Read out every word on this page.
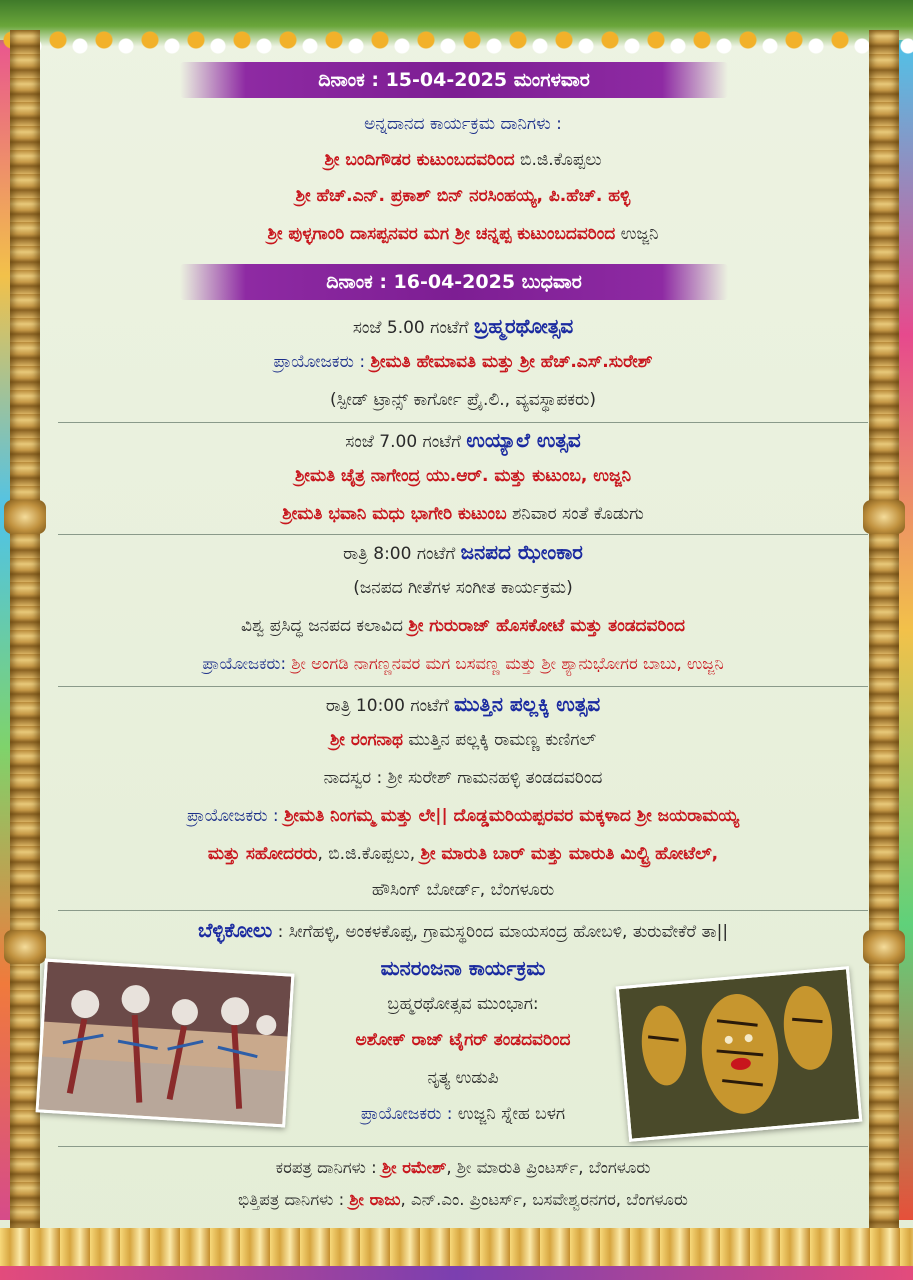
ದಿನಾಂಕ : 15-04-2025 ಮಂಗಳವಾರ
ಅನ್ನದಾನದ ಕಾರ್ಯಕ್ರಮ ದಾನಿಗಳು :
ಶ್ರೀ ಬಂದಿಗೌಡರ ಕುಟುಂಬದವರಿಂದ ಬಿ.ಜಿ.ಕೊಪ್ಪಲು
ಶ್ರೀ ಹೆಚ್.ಎನ್. ಪ್ರಕಾಶ್ ಬಿನ್ ನರಸಿಂಹಯ್ಯ, ಪಿ.ಹೆಚ್. ಹಳ್ಳಿ
ಶ್ರೀ ಪುಳ್ಳಗಾಂರಿ ದಾಸಪ್ಪನವರ ಮಗ ಶ್ರೀ ಚನ್ನಪ್ಪ ಕುಟುಂಬದವರಿಂದ ಉಜ್ಜನಿ
ದಿನಾಂಕ : 16-04-2025 ಬುಧವಾರ
ಸಂಜೆ 5.00 ಗಂಟೆಗೆ ಬ್ರಹ್ಮರಥೋತ್ಸವ
ಪ್ರಾಯೋಜಕರು : ಶ್ರೀಮತಿ ಹೇಮಾವತಿ ಮತ್ತು ಶ್ರೀ ಹೆಚ್.ಎಸ್.ಸುರೇಶ್
(ಸ್ಪೀಡ್ ಟ್ರಾನ್ಸ್ ಕಾರ್ಗೋ ಪ್ರೈ.ಲಿ., ವ್ಯವಸ್ಥಾಪಕರು)
ಸಂಜೆ 7.00 ಗಂಟೆಗೆ ಉಯ್ಯಾಲೆ ಉತ್ಸವ
ಶ್ರೀಮತಿ ಚೈತ್ರ ನಾಗೇಂದ್ರ ಯು.ಆರ್. ಮತ್ತು ಕುಟುಂಬ, ಉಜ್ಜನಿ
ಶ್ರೀಮತಿ ಭವಾನಿ ಮಧು ಭಾಗೇರಿ ಕುಟುಂಬ ಶನಿವಾರ ಸಂತೆ ಕೊಡುಗು
ರಾತ್ರಿ 8:00 ಗಂಟೆಗೆ ಜನಪದ ಝೇಂಕಾರ
(ಜನಪದ ಗೀತೆಗಳ ಸಂಗೀತ ಕಾರ್ಯಕ್ರಮ)
ವಿಶ್ವ ಪ್ರಸಿದ್ಧ ಜನಪದ ಕಲಾವಿದ ಶ್ರೀ ಗುರುರಾಜ್ ಹೊಸಕೋಟೆ ಮತ್ತು ತಂಡದವರಿಂದ
ಪ್ರಾಯೋಜಕರು: ಶ್ರೀ ಅಂಗಡಿ ನಾಗಣ್ಣನವರ ಮಗ ಬಸವಣ್ಣ ಮತ್ತು ಶ್ರೀ ಶ್ಯಾನುಭೋಗರ ಬಾಬು, ಉಜ್ಜನಿ
ರಾತ್ರಿ 10:00 ಗಂಟೆಗೆ ಮುತ್ತಿನ ಪಲ್ಲಕ್ಕಿ ಉತ್ಸವ
ಶ್ರೀ ರಂಗನಾಥ ಮುತ್ತಿನ ಪಲ್ಲಕ್ಕಿ ರಾಮಣ್ಣ ಕುಣಿಗಲ್
ನಾದಸ್ವರ : ಶ್ರೀ ಸುರೇಶ್ ಗಾಮನಹಳ್ಳಿ ತಂಡದವರಿಂದ
ಪ್ರಾಯೋಜಕರು : ಶ್ರೀಮತಿ ನಿಂಗಮ್ಮ ಮತ್ತು ಲೇ|| ದೊಡ್ಡಮರಿಯಪ್ಪರವರ ಮಕ್ಕಳಾದ ಶ್ರೀ ಜಯರಾಮಯ್ಯ
ಮತ್ತು ಸಹೋದರರು, ಬಿ.ಜಿ.ಕೊಪ್ಪಲು, ಶ್ರೀ ಮಾರುತಿ ಬಾರ್ ಮತ್ತು ಮಾರುತಿ ಮಿಲ್ಟ್ರಿ ಹೋಟೆಲ್,
ಹೌಸಿಂಗ್ ಬೋರ್ಡ್, ಬೆಂಗಳೂರು
ಬೆಳ್ಳಿಕೋಲು : ಸೀಗೆಹಳ್ಳಿ, ಅಂಕಳಕೊಪ್ಪ, ಗ್ರಾಮಸ್ಥರಿಂದ ಮಾಯಸಂದ್ರ ಹೋಬಳಿ, ತುರುವೇಕೆರೆ ತಾ||
ಮನರಂಜನಾ ಕಾರ್ಯಕ್ರಮ
ಬ್ರಹ್ಮರಥೋತ್ಸವ ಮುಂಭಾಗ:
ಅಶೋಕ್ ರಾಜ್ ಟೈಗರ್ ತಂಡದವರಿಂದ
ನೃತ್ಯ ಉಡುಪಿ
ಪ್ರಾಯೋಜಕರು : ಉಜ್ಜನಿ ಸ್ನೇಹ ಬಳಗ
ಕರಪತ್ರ ದಾನಿಗಳು : ಶ್ರೀ ರಮೇಶ್, ಶ್ರೀ ಮಾರುತಿ ಪ್ರಿಂಟರ್ಸ್, ಬೆಂಗಳೂರು
ಭಿತ್ತಿಪತ್ರ ದಾನಿಗಳು : ಶ್ರೀ ರಾಜು, ಎನ್.ಎಂ. ಪ್ರಿಂಟರ್ಸ್, ಬಸವೇಶ್ವರನಗರ, ಬೆಂಗಳೂರು
